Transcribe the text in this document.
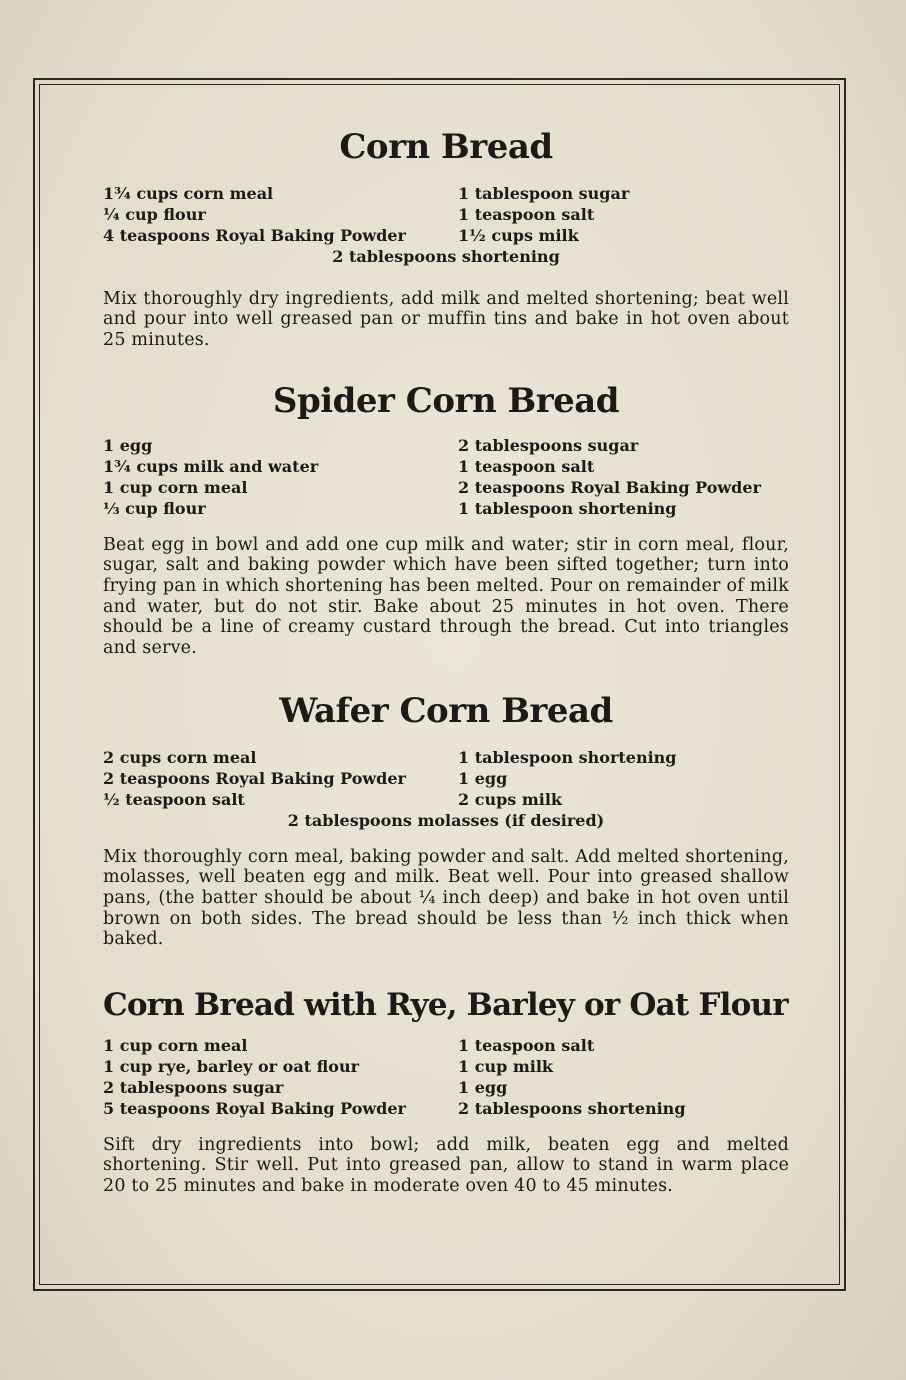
Corn Bread
1¾ cups corn meal	1 tablespoon sugar
¼ cup flour	1 teaspoon salt
4 teaspoons Royal Baking Powder	1½ cups milk
2 tablespoons shortening

Mix thoroughly dry ingredients, add milk and melted shortening; beat well and pour into well greased pan or muffin tins and bake in hot oven about 25 minutes.

Spider Corn Bread
1 egg	2 tablespoons sugar
1¾ cups milk and water	1 teaspoon salt
1 cup corn meal	2 teaspoons Royal Baking Powder
⅓ cup flour	1 tablespoon shortening

Beat egg in bowl and add one cup milk and water; stir in corn meal, flour, sugar, salt and baking powder which have been sifted together; turn into frying pan in which shortening has been melted. Pour on remainder of milk and water, but do not stir. Bake about 25 minutes in hot oven. There should be a line of creamy custard through the bread. Cut into triangles and serve.

Wafer Corn Bread
2 cups corn meal	1 tablespoon shortening
2 teaspoons Royal Baking Powder	1 egg
½ teaspoon salt	2 cups milk
2 tablespoons molasses (if desired)

Mix thoroughly corn meal, baking powder and salt. Add melted shortening, molasses, well beaten egg and milk. Beat well. Pour into greased shallow pans, (the batter should be about ¼ inch deep) and bake in hot oven until brown on both sides. The bread should be less than ½ inch thick when baked.

Corn Bread with Rye, Barley or Oat Flour
1 cup corn meal	1 teaspoon salt
1 cup rye, barley or oat flour	1 cup milk
2 tablespoons sugar	1 egg
5 teaspoons Royal Baking Powder	2 tablespoons shortening

Sift dry ingredients into bowl; add milk, beaten egg and melted shortening. Stir well. Put into greased pan, allow to stand in warm place 20 to 25 minutes and bake in moderate oven 40 to 45 minutes.
